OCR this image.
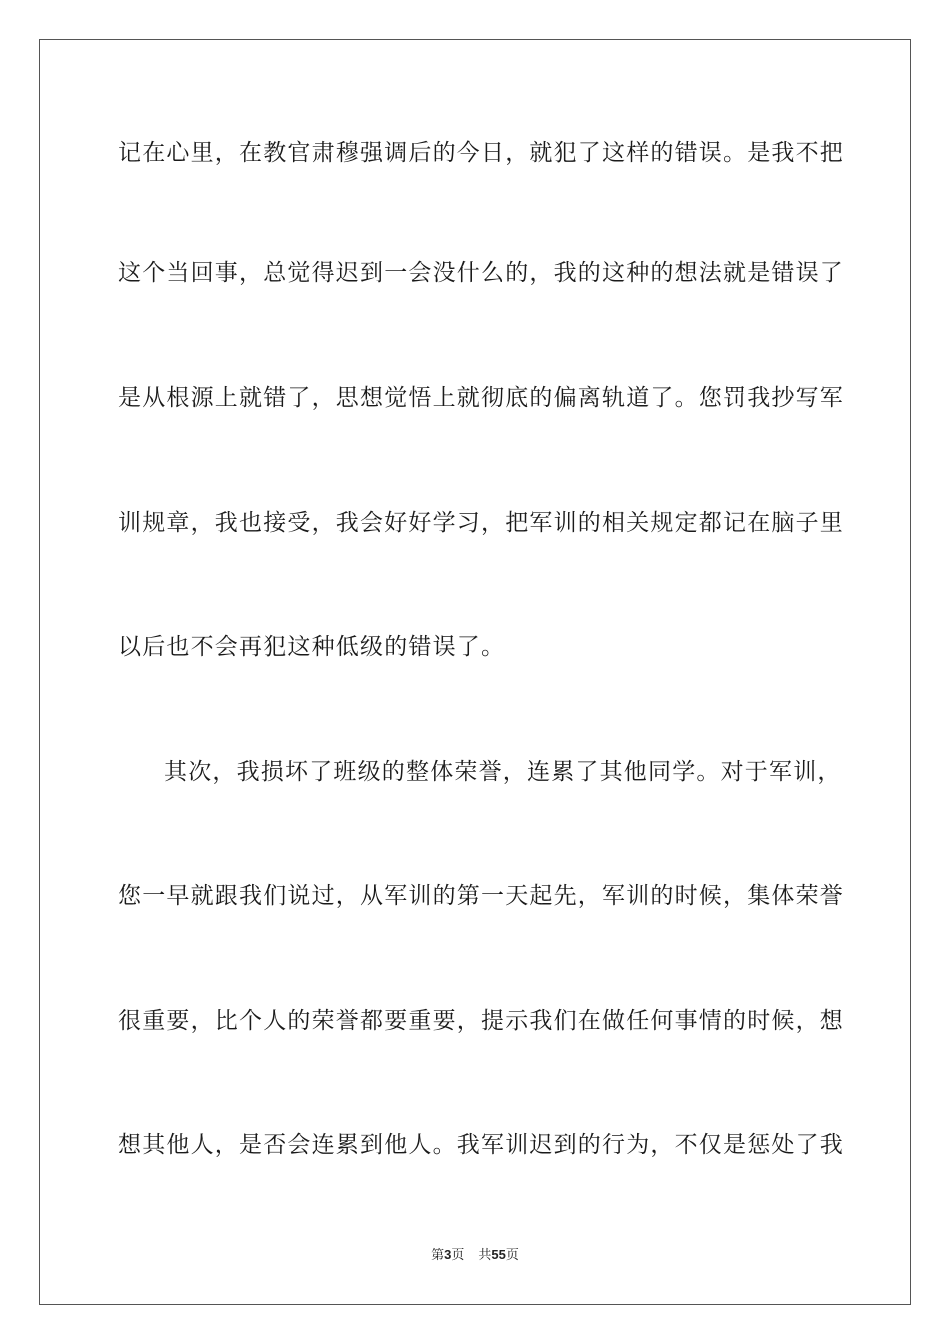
记在心里，在教官肃穆强调后的今日，就犯了这样的错误。是我不把
这个当回事，总觉得迟到一会没什么的，我的这种的想法就是错误了
是从根源上就错了，思想觉悟上就彻底的偏离轨道了。您罚我抄写军
训规章，我也接受，我会好好学习，把军训的相关规定都记在脑子里
以后也不会再犯这种低级的错误了。
其次，我损坏了班级的整体荣誉，连累了其他同学。对于军训，
您一早就跟我们说过，从军训的第一天起先，军训的时候，集体荣誉
很重要，比个人的荣誉都要重要，提示我们在做任何事情的时候，想
想其他人，是否会连累到他人。我军训迟到的行为，不仅是惩处了我
第3页 共55页
